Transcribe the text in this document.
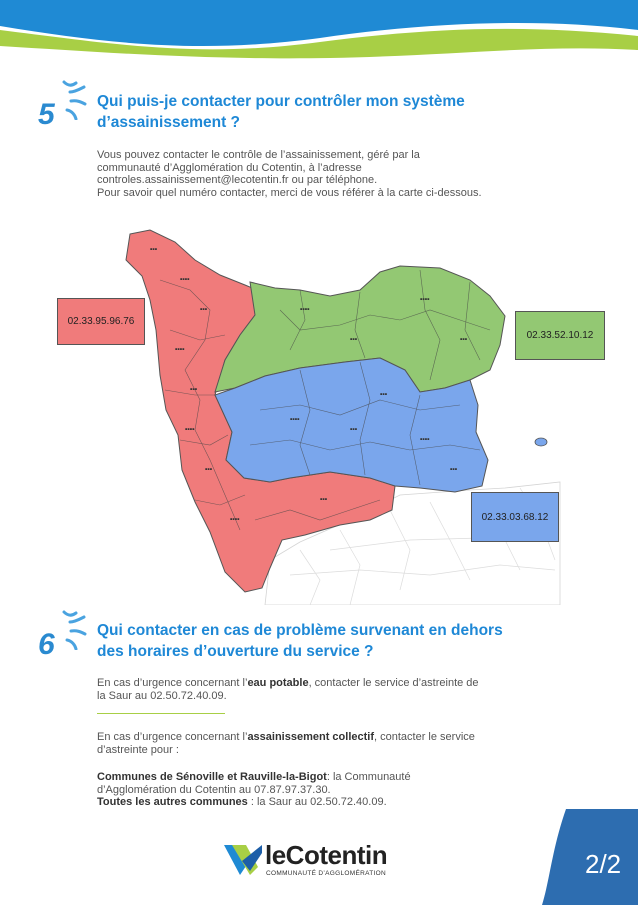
5	Qui puis-je contacter pour contrôler mon système
d’assainissement ?
Vous pouvez contacter le contrôle de l’assainissement, géré par la
communauté d’Agglomération du Cotentin, à l’adresse
controles.assainissement@lecotentin.fr ou par téléphone.
Pour savoir quel numéro contacter, merci de vous référer à la carte ci-dessous.
▪▪▪
▪▪▪▪
▪▪▪
▪▪▪▪
▪▪▪
▪▪▪▪
▪▪▪
▪▪▪▪
▪▪▪
▪▪▪▪
▪▪▪
▪▪▪▪
▪▪▪
▪▪▪▪
▪▪▪
▪▪▪▪
▪▪▪
▪▪▪
02.33.95.96.76
02.33.52.10.12
02.33.03.68.12
6	Qui contacter en cas de problème survenant en dehors
des horaires d’ouverture du service ?
En cas d’urgence concernant l’eau potable, contacter le service d’astreinte de
la Saur au 02.50.72.40.09.
En cas d’urgence concernant l’assainissement collectif, contacter le service
d’astreinte pour :
Communes de Sénoville et Rauville-la-Bigot: la Communauté
d’Agglomération du Cotentin au 07.87.97.37.30.
Toutes les autres communes : la Saur au 02.50.72.40.09.
leCotentin
COMMUNAUTÉ D’AGGLOMÉRATION	2/2
